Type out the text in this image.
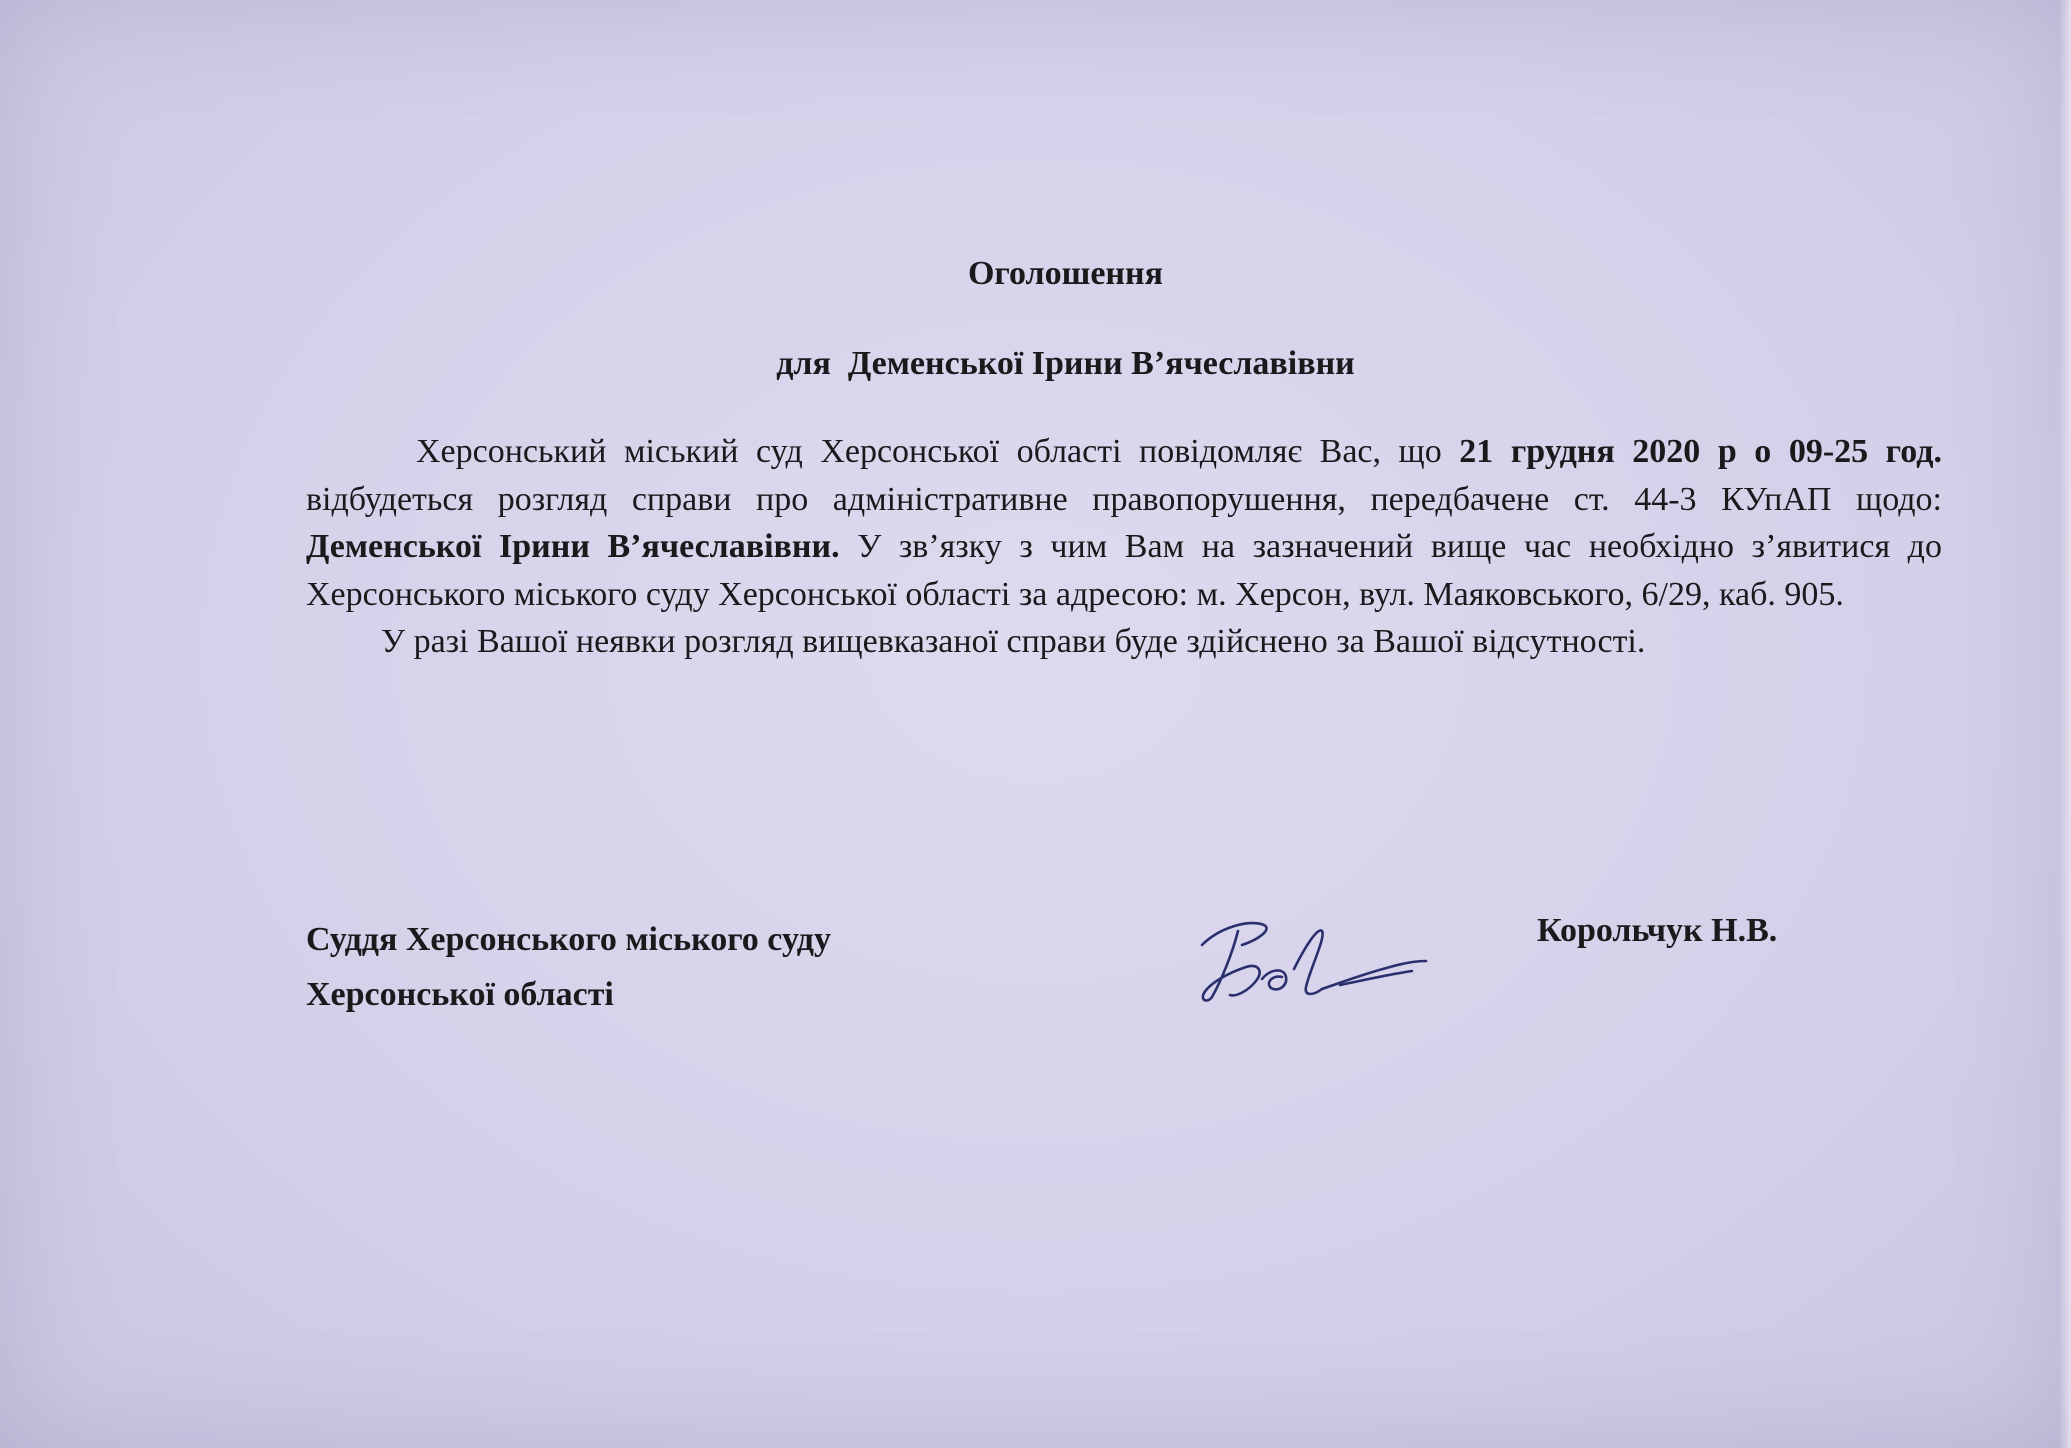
Оголошення
для  Деменської Ірини В’ячеславівни

Херсонський міський суд Херсонської області повідомляє Вас, що 21 грудня 2020 р о 09-25 год. відбудеться розгляд справи про адміністративне правопорушення, передбачене ст. 44-3 КУпАП щодо: Деменської Ірини В’ячеславівни. У зв’язку з чим Вам на зазначений вище час необхідно з’явитися до Херсонського міського суду Херсонської області за адресою: м. Херсон, вул. Маяковського, 6/29, каб. 905.

У разі Вашої неявки розгляд вищевказаної справи буде здійснено за Вашої відсутності.

Суддя Херсонського міського суду
Херсонської області
Корольчук Н.В.
